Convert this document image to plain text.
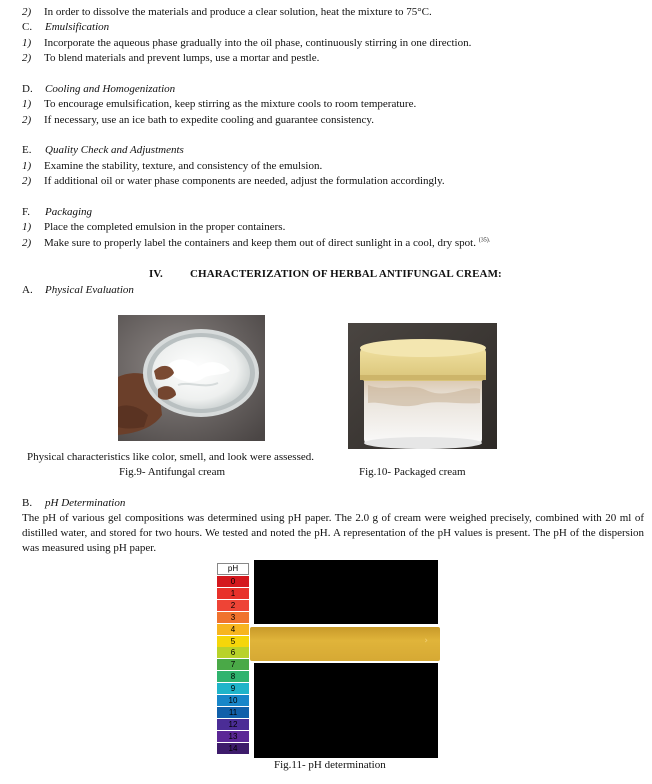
2) In order to dissolve the materials and produce a clear solution, heat the mixture to 75°C.
C. Emulsification
1) Incorporate the aqueous phase gradually into the oil phase, continuously stirring in one direction.
2) To blend materials and prevent lumps, use a mortar and pestle.
D. Cooling and Homogenization
1) To encourage emulsification, keep stirring as the mixture cools to room temperature.
2) If necessary, use an ice bath to expedite cooling and guarantee consistency.
E. Quality Check and Adjustments
1) Examine the stability, texture, and consistency of the emulsion.
2) If additional oil or water phase components are needed, adjust the formulation accordingly.
F. Packaging
1) Place the completed emulsion in the proper containers.
2) Make sure to properly label the containers and keep them out of direct sunlight in a cool, dry spot. $^{(35).}$
IV. CHARACTERIZATION OF HERBAL ANTIFUNGAL CREAM:
A. Physical Evaluation
Physical characteristics like color, smell, and look were assessed.
Fig.9- Antifungal cream	Fig.10- Packaged cream
B. pH Determination
The pH of various gel compositions was determined using pH paper. The 2.0 g of cream were weighed precisely, combined with 20 ml of distilled water, and stored for two hours. We tested and noted the pH. A representation of the pH values is present. The pH of the dispersion was measured using pH paper.
pH
0
1
2
3
4
5
6
7
8
9
10
11
12
13
14
›
Fig.11- pH determination
